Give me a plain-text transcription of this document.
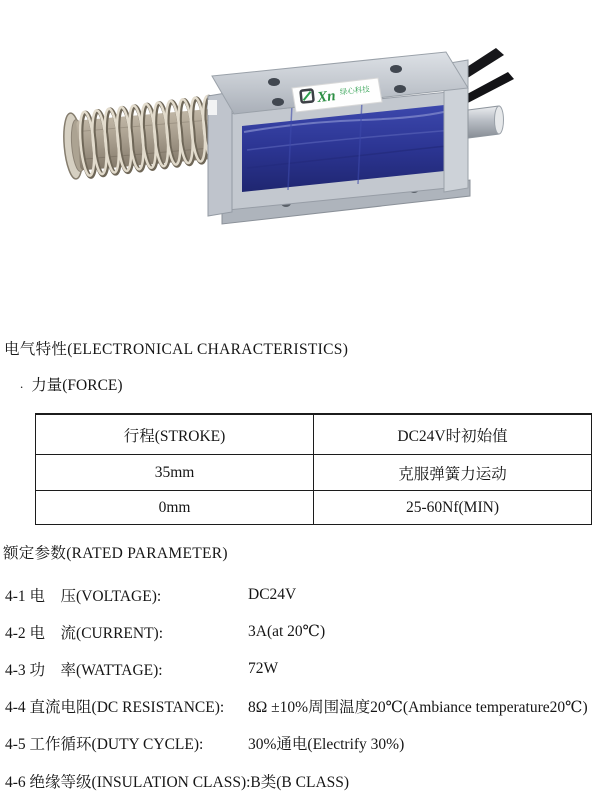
Xn 绿心科技
电气特性(ELECTRONICAL CHARACTERISTICS)
. 力量(FORCE)
行程(STROKE)	DC24V时初始值
35mm	克服弹簧力运动
0mm	25-60Nf(MIN)
额定参数(RATED PARAMETER)
4-1 电　压(VOLTAGE):	DC24V
4-2 电　流(CURRENT):	3A(at 20℃)
4-3 功　率(WATTAGE):	72W
4-4 直流电阻(DC RESISTANCE):	8Ω ±10%周围温度20℃(Ambiance temperature20℃)
4-5 工作循环(DUTY CYCLE):	30%通电(Electrify 30%)
4-6 绝缘等级(INSULATION CLASS): B类(B CLASS)
